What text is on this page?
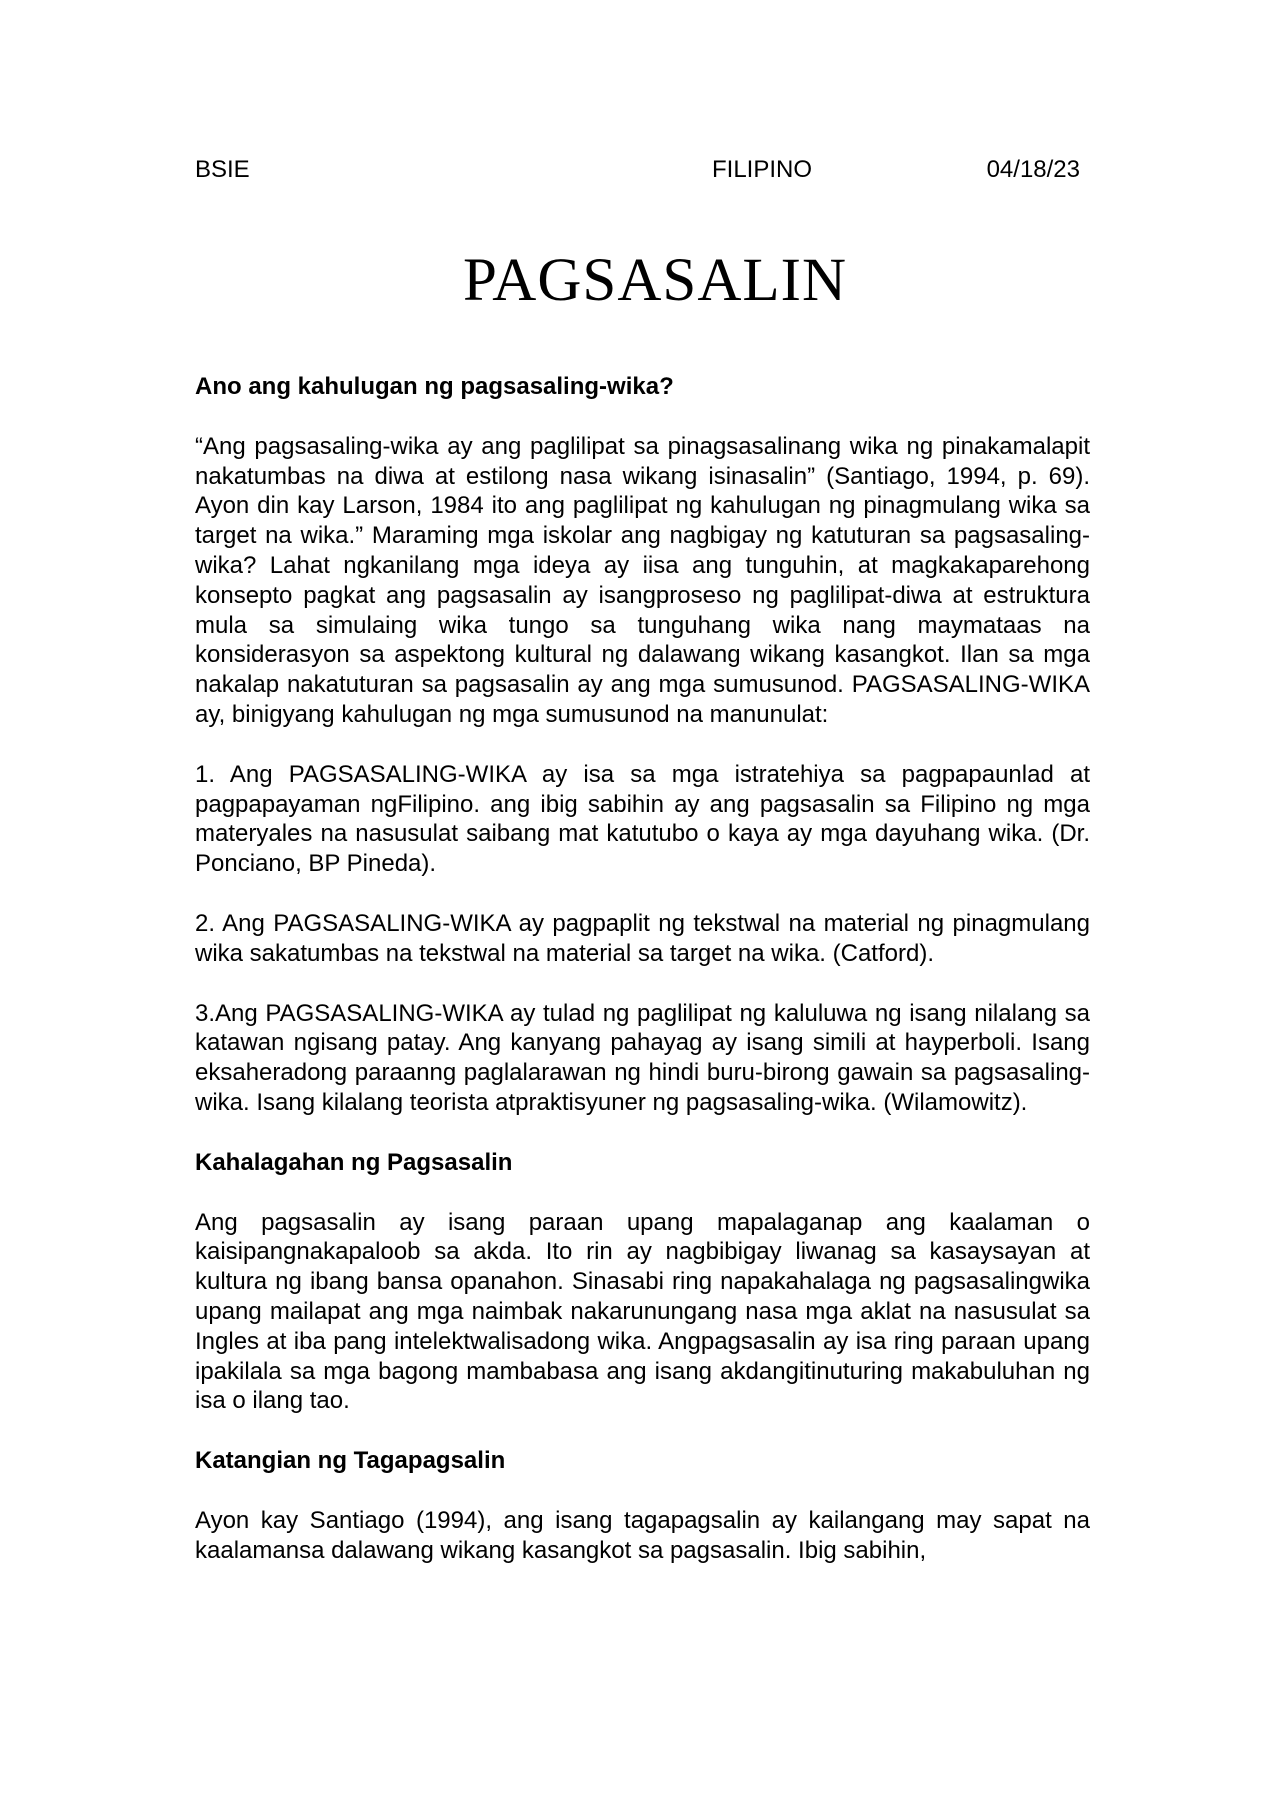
BSIE	FILIPINO	04/18/23
PAGSASALIN
Ano ang kahulugan ng pagsasaling-wika?

“Ang pagsasaling-wika ay ang paglilipat sa pinagsasalinang wika ng pinakamalapit nakatumbas na diwa at estilong nasa wikang isinasalin” (Santiago, 1994, p. 69). Ayon din kay Larson, 1984 ito ang paglilipat ng kahulugan ng pinagmulang wika sa target na wika.” Maraming mga iskolar ang nagbigay ng katuturan sa pagsasaling-wika? Lahat ngkanilang mga ideya ay iisa ang tunguhin, at magkakaparehong konsepto pagkat ang pagsasalin ay isangproseso ng paglilipat-diwa at estruktura mula sa simulaing wika tungo sa tunguhang wika nang maymataas na konsiderasyon sa aspektong kultural ng dalawang wikang kasangkot. Ilan sa mga nakalap nakatuturan sa pagsasalin ay ang mga sumusunod. PAGSASALING-WIKA ay, binigyang kahulugan ng mga sumusunod na manunulat:

1. Ang PAGSASALING-WIKA ay isa sa mga istratehiya sa pagpapaunlad at pagpapayaman ngFilipino. ang ibig sabihin ay ang pagsasalin sa Filipino ng mga materyales na nasusulat saibang mat katutubo o kaya ay mga dayuhang wika. (Dr. Ponciano, BP Pineda).

2. Ang PAGSASALING-WIKA ay pagpaplit ng tekstwal na material ng pinagmulang wika sakatumbas na tekstwal na material sa target na wika. (Catford).

3.Ang PAGSASALING-WIKA ay tulad ng paglilipat ng kaluluwa ng isang nilalang sa katawan ngisang patay. Ang kanyang pahayag ay isang simili at hayperboli. Isang eksaheradong paraanng paglalarawan ng hindi buru-birong gawain sa pagsasaling-wika. Isang kilalang teorista atpraktisyuner ng pagsasaling-wika. (Wilamowitz).

Kahalagahan ng Pagsasalin

Ang pagsasalin ay isang paraan upang mapalaganap ang kaalaman o kaisipangnakapaloob sa akda. Ito rin ay nagbibigay liwanag sa kasaysayan at kultura ng ibang bansa opanahon. Sinasabi ring napakahalaga ng pagsasalingwika upang mailapat ang mga naimbak nakarunungang nasa mga aklat na nasusulat sa Ingles at iba pang intelektwalisadong wika. Angpagsasalin ay isa ring paraan upang ipakilala sa mga bagong mambabasa ang isang akdangitinuturing makabuluhan ng isa o ilang tao.

Katangian ng Tagapagsalin

Ayon kay Santiago (1994), ang isang tagapagsalin ay kailangang may sapat na kaalamansa dalawang wikang kasangkot sa pagsasalin. Ibig sabihin,
